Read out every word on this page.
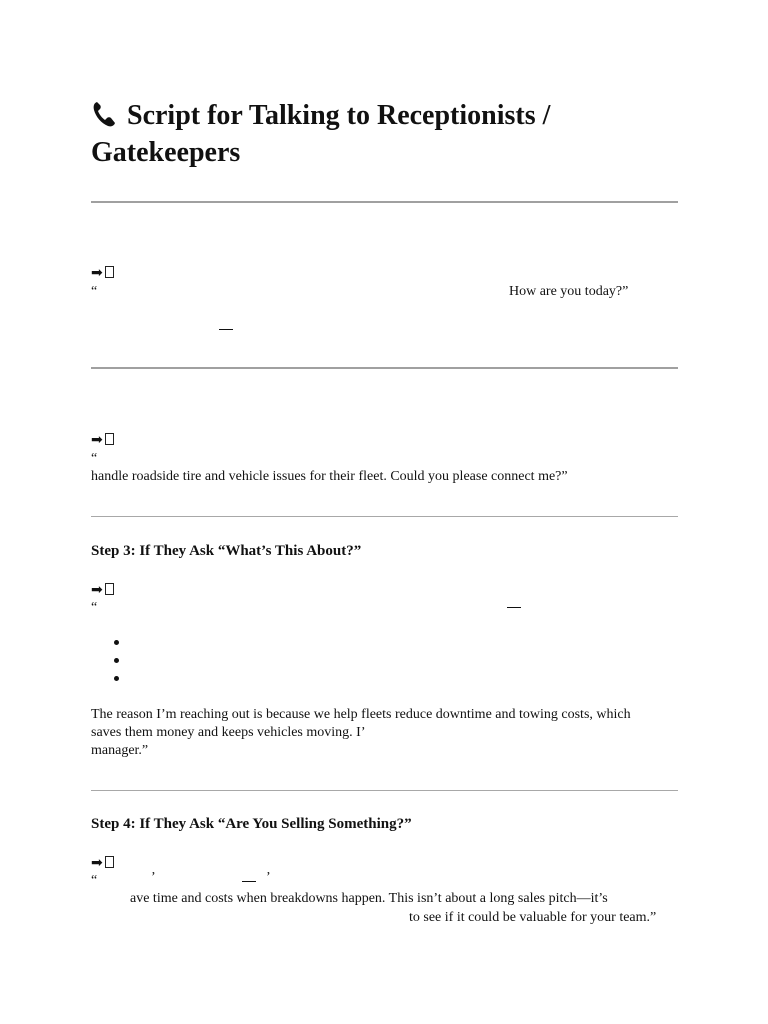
Script for Talking to Receptionists /
Gatekeepers
➡
“	How are you today?”
➡
“
handle roadside tire and vehicle issues for their fleet. Could you please connect me?”
Step 3: If They Ask “What’s This About?”
➡
“
The reason I’m reaching out is because we help fleets reduce downtime and towing costs, which
saves them money and keeps vehicles moving. I’
manager.”
Step 4: If They Ask “Are You Selling Something?”
➡
“	’	’
ave time and costs when breakdowns happen. This isn’t about a long sales pitch—it’s
to see if it could be valuable for your team.”
